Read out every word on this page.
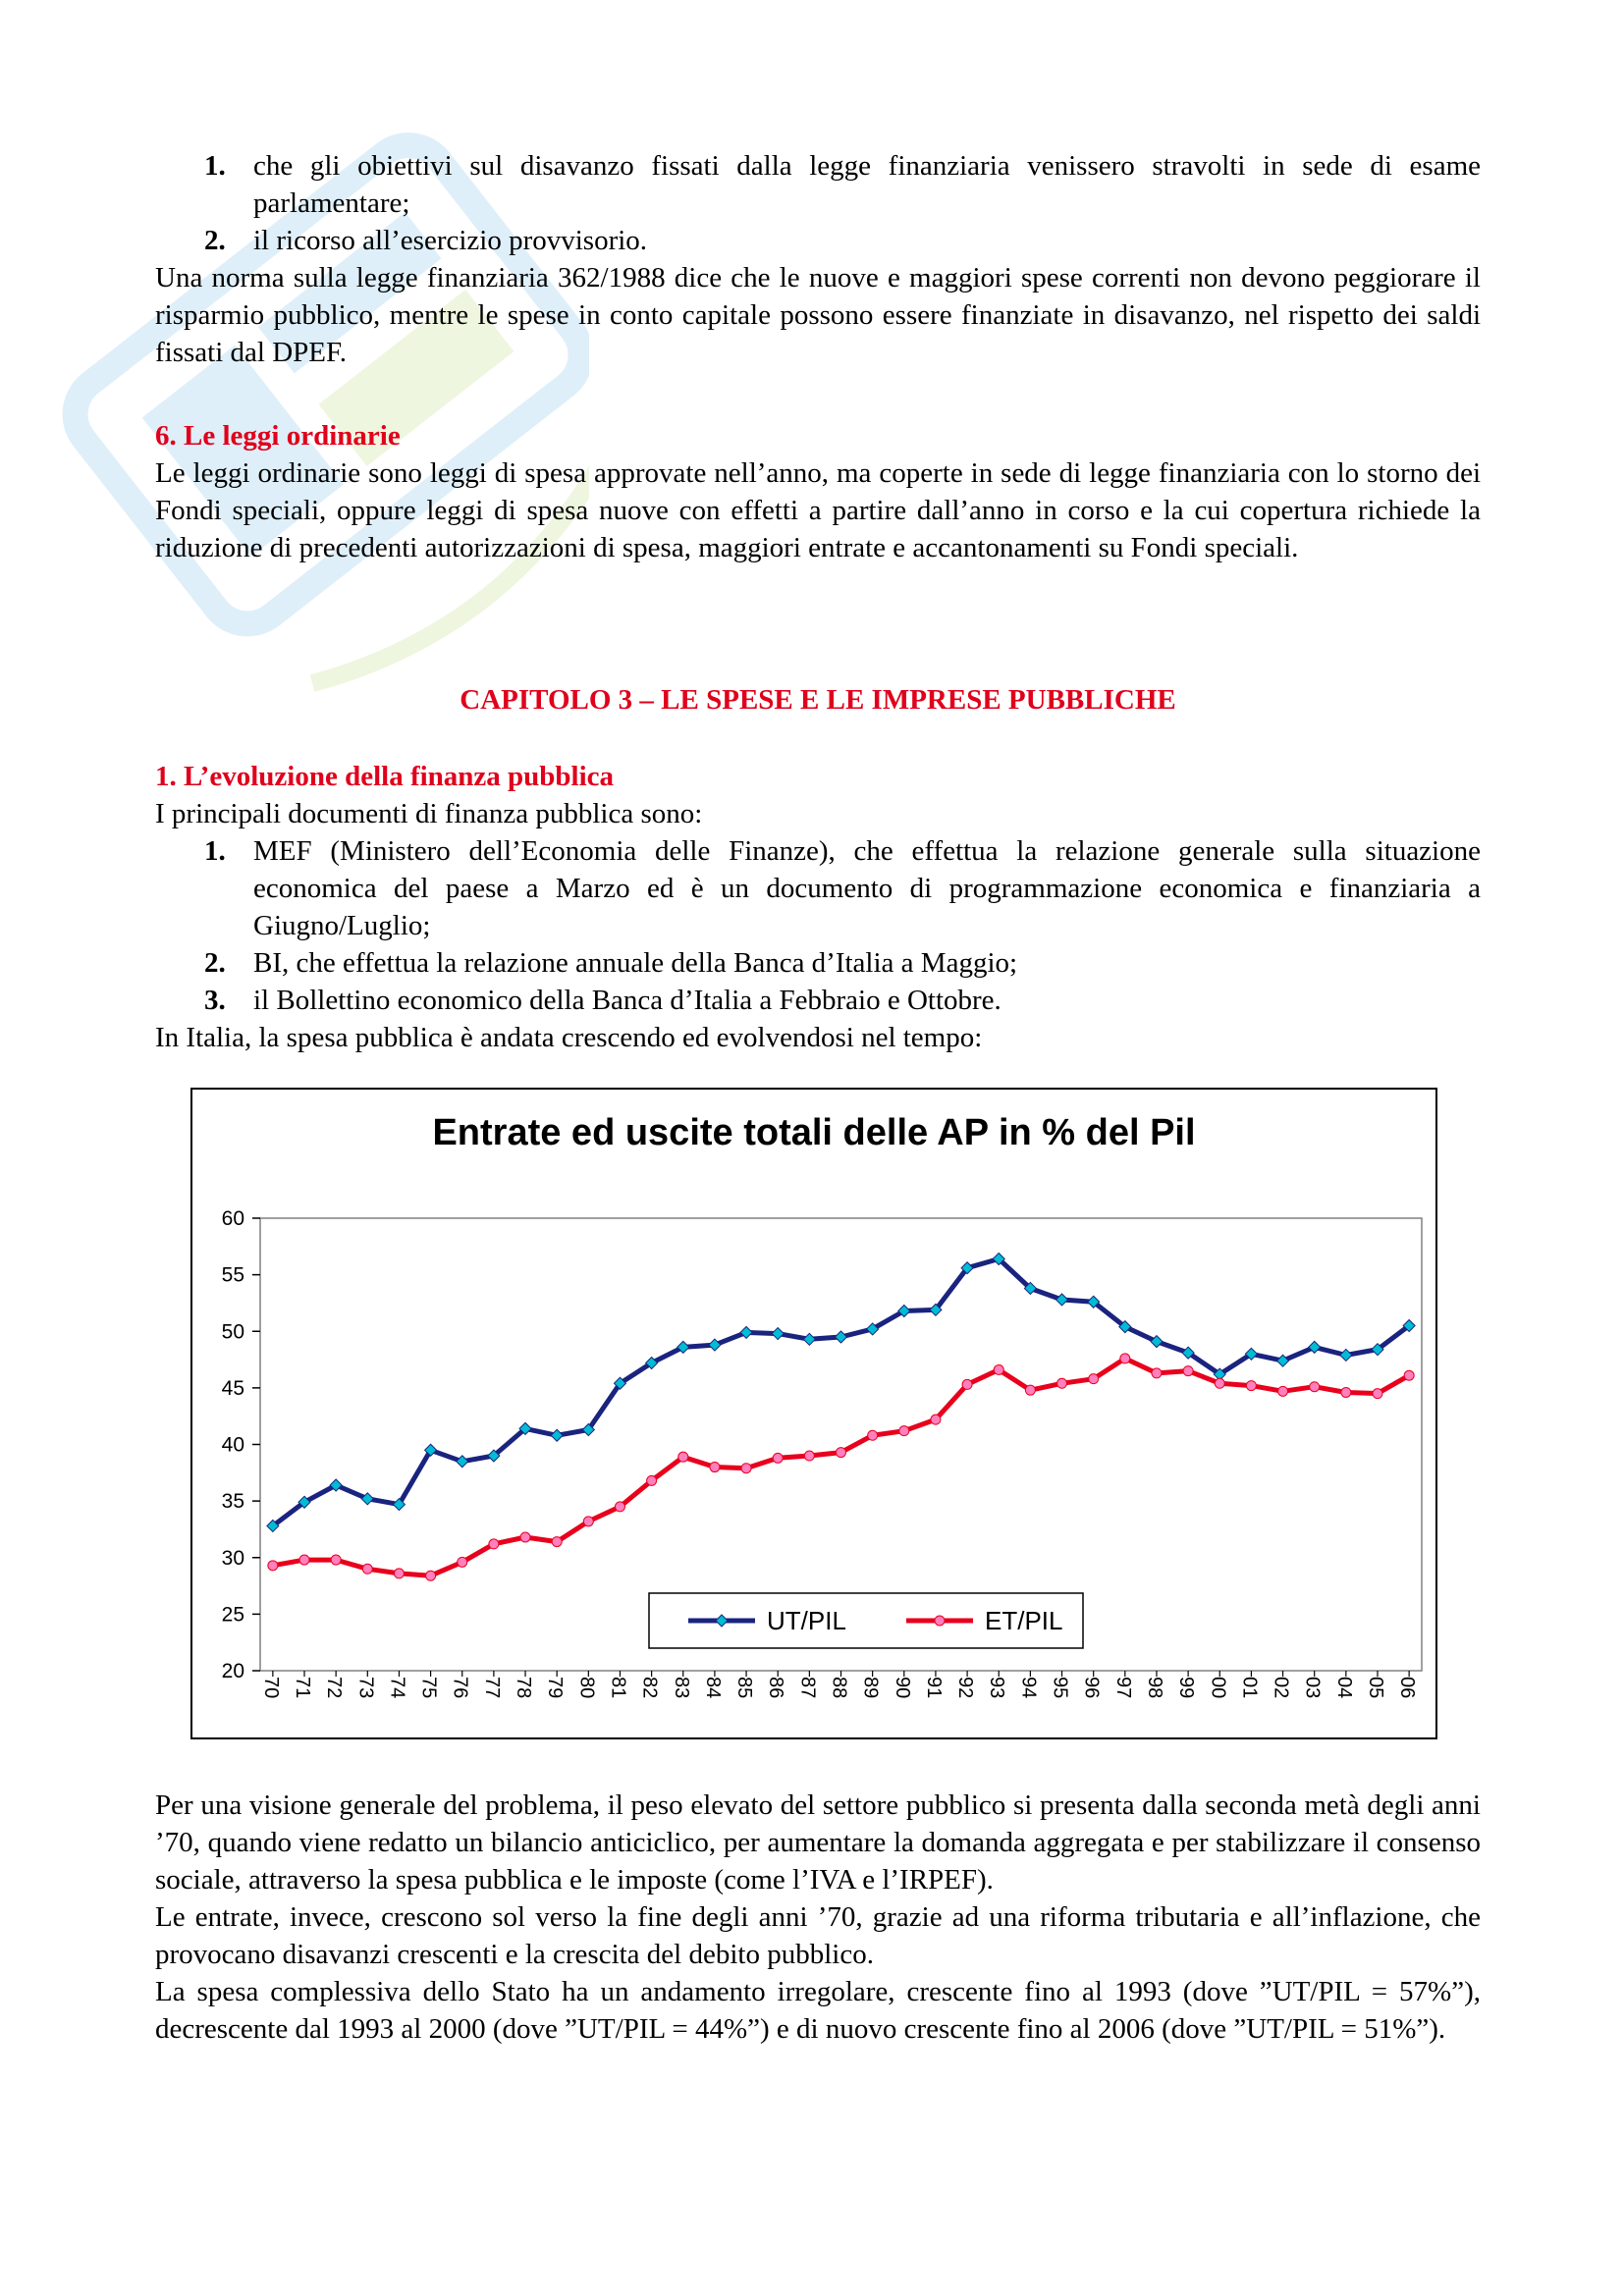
1. che gli obiettivi sul disavanzo fissati dalla legge finanziaria venissero stravolti in sede di esame parlamentare;
2. il ricorso all’esercizio provvisorio.

Una norma sulla legge finanziaria 362/1988 dice che le nuove e maggiori spese correnti non devono peggiorare il risparmio pubblico, mentre le spese in conto capitale possono essere finanziate in disavanzo, nel rispetto dei saldi fissati dal DPEF.

6. Le leggi ordinarie

Le leggi ordinarie sono leggi di spesa approvate nell’anno, ma coperte in sede di legge finanziaria con lo storno dei Fondi speciali, oppure leggi di spesa nuove con effetti a partire dall’anno in corso e la cui copertura richiede la riduzione di precedenti autorizzazioni di spesa, maggiori entrate e accantonamenti su Fondi speciali.

CAPITOLO 3 – LE SPESE E LE IMPRESE PUBBLICHE
1. L’evoluzione della finanza pubblica

I principali documenti di finanza pubblica sono:

1. MEF (Ministero dell’Economia delle Finanze), che effettua la relazione generale sulla situazione economica del paese a Marzo ed è un documento di programmazione economica e finanziaria a Giugno/Luglio;
2. BI, che effettua la relazione annuale della Banca d’Italia a Maggio;
3. il Bollettino economico della Banca d’Italia a Febbraio e Ottobre.

In Italia, la spesa pubblica è andata crescendo ed evolvendosi nel tempo:

Entrate ed uscite totali delle AP in % del Pil
20
25
30
35
40
45
50
55
60
70 71 72 73 74 75 76 77 78 79 80 81 82 83 84 85 86 87 88 89 90 91 92 93 94 95 96 97 98 99 00 01 02 03 04 05 06
UT/PIL	ET/PIL

Per una visione generale del problema, il peso elevato del settore pubblico si presenta dalla seconda metà degli anni ’70, quando viene redatto un bilancio anticiclico, per aumentare la domanda aggregata e per stabilizzare il consenso sociale, attraverso la spesa pubblica e le imposte (come l’IVA e l’IRPEF).

Le entrate, invece, crescono sol verso la fine degli anni ’70, grazie ad una riforma tributaria e all’inflazione, che provocano disavanzi crescenti e la crescita del debito pubblico.

La spesa complessiva dello Stato ha un andamento irregolare, crescente fino al 1993 (dove ”UT/PIL = 57%”), decrescente dal 1993 al 2000 (dove ”UT/PIL = 44%”) e di nuovo crescente fino al 2006 (dove ”UT/PIL = 51%”).
